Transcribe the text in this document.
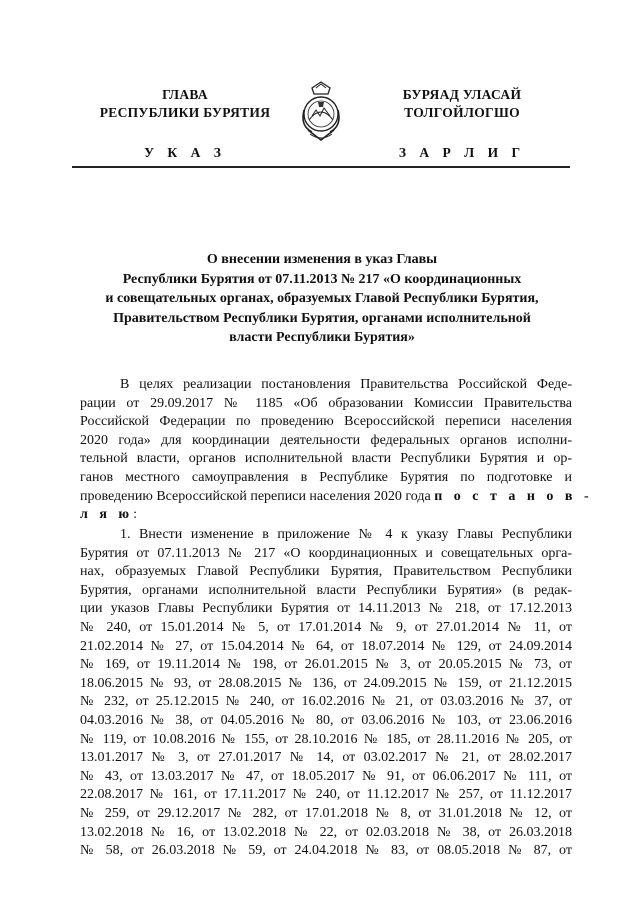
ГЛАВА
РЕСПУБЛИКИ БУРЯТИЯ
У К А З
БУРЯАД УЛАСАЙ
ТОЛГОЙЛОГШО
З А Р Л И Г
О внесении изменения в указ Главы
Республики Бурятия от 07.11.2013 № 217 «О координационных
и совещательных органах, образуемых Главой Республики Бурятия,
Правительством Республики Бурятия, органами исполнительной
власти Республики Бурятия»
В целях реализации постановления Правительства Российской Феде-
рации от 29.09.2017 № 1185 «Об образовании Комиссии Правительства
Российской Федерации по проведению Всероссийской переписи населения
2020 года» для координации деятельности федеральных органов исполни-
тельной власти, органов исполнительной власти Республики Бурятия и ор-
ганов местного самоуправления в Республике Бурятия по подготовке и
проведению Всероссийской переписи населения 2020 года п о с т а н о в -
л я ю:
1. Внести изменение в приложение № 4 к указу Главы Республики
Бурятия от 07.11.2013 № 217 «О координационных и совещательных орга-
нах, образуемых Главой Республики Бурятия, Правительством Республики
Бурятия, органами исполнительной власти Республики Бурятия» (в редак-
ции указов Главы Республики Бурятия от 14.11.2013 № 218, от 17.12.2013
№ 240, от 15.01.2014 № 5, от 17.01.2014 № 9, от 27.01.2014 № 11, от
21.02.2014 № 27, от 15.04.2014 № 64, от 18.07.2014 № 129, от 24.09.2014
№ 169, от 19.11.2014 № 198, от 26.01.2015 № 3, от 20.05.2015 № 73, от
18.06.2015 № 93, от 28.08.2015 № 136, от 24.09.2015 № 159, от 21.12.2015
№ 232, от 25.12.2015 № 240, от 16.02.2016 № 21, от 03.03.2016 № 37, от
04.03.2016 № 38, от 04.05.2016 № 80, от 03.06.2016 № 103, от 23.06.2016
№ 119, от 10.08.2016 № 155, от 28.10.2016 № 185, от 28.11.2016 № 205, от
13.01.2017 № 3, от 27.01.2017 № 14, от 03.02.2017 № 21, от 28.02.2017
№ 43, от 13.03.2017 № 47, от 18.05.2017 № 91, от 06.06.2017 № 111, от
22.08.2017 № 161, от 17.11.2017 № 240, от 11.12.2017 № 257, от 11.12.2017
№ 259, от 29.12.2017 № 282, от 17.01.2018 № 8, от 31.01.2018 № 12, от
13.02.2018 № 16, от 13.02.2018 № 22, от 02.03.2018 № 38, от 26.03.2018
№ 58, от 26.03.2018 № 59, от 24.04.2018 № 83, от 08.05.2018 № 87, от
